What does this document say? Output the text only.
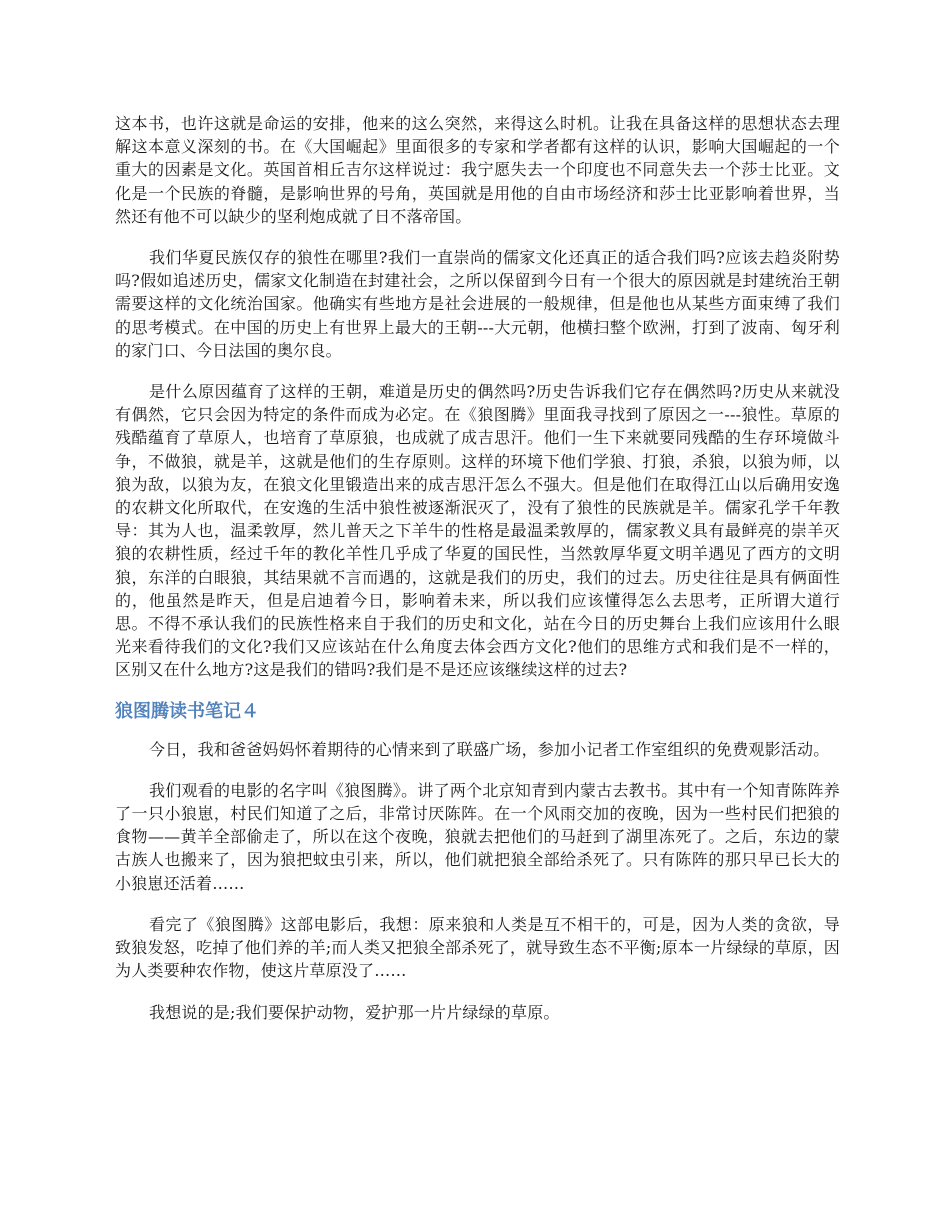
这本书，也许这就是命运的安排，他来的这么突然，来得这么时机。让我在具备这样的思想状态去理解这本意义深刻的书。在《大国崛起》里面很多的专家和学者都有这样的认识，影响大国崛起的一个重大的因素是文化。英国首相丘吉尔这样说过：我宁愿失去一个印度也不同意失去一个莎士比亚。文化是一个民族的脊髓，是影响世界的号角，英国就是用他的自由市场经济和莎士比亚影响着世界，当然还有他不可以缺少的坚利炮成就了日不落帝国。

我们华夏民族仅存的狼性在哪里?我们一直崇尚的儒家文化还真正的适合我们吗?应该去趋炎附势吗?假如追述历史，儒家文化制造在封建社会，之所以保留到今日有一个很大的原因就是封建统治王朝需要这样的文化统治国家。他确实有些地方是社会进展的一般规律，但是他也从某些方面束缚了我们的思考模式。在中国的历史上有世界上最大的王朝---大元朝，他横扫整个欧洲，打到了波南、匈牙利的家门口、今日法国的奥尔良。

是什么原因蕴育了这样的王朝，难道是历史的偶然吗?历史告诉我们它存在偶然吗?历史从来就没有偶然，它只会因为特定的条件而成为必定。在《狼图腾》里面我寻找到了原因之一---狼性。草原的残酷蕴育了草原人，也培育了草原狼，也成就了成吉思汗。他们一生下来就要同残酷的生存环境做斗争，不做狼，就是羊，这就是他们的生存原则。这样的环境下他们学狼、打狼，杀狼，以狼为师，以狼为敌，以狼为友，在狼文化里锻造出来的成吉思汗怎么不强大。但是他们在取得江山以后确用安逸的农耕文化所取代，在安逸的生活中狼性被逐渐泯灭了，没有了狼性的民族就是羊。儒家孔学千年教导：其为人也，温柔敦厚，然儿普天之下羊牛的性格是最温柔敦厚的，儒家教义具有最鲜亮的崇羊灭狼的农耕性质，经过千年的教化羊性几乎成了华夏的国民性，当然敦厚华夏文明羊遇见了西方的文明狼，东洋的白眼狼，其结果就不言而遇的，这就是我们的历史，我们的过去。历史往往是具有俩面性的，他虽然是昨天，但是启迪着今日，影响着未来，所以我们应该懂得怎么去思考，正所谓大道行思。不得不承认我们的民族性格来自于我们的历史和文化，站在今日的历史舞台上我们应该用什么眼光来看待我们的文化?我们又应该站在什么角度去体会西方文化?他们的思维方式和我们是不一样的，区别又在什么地方?这是我们的错吗?我们是不是还应该继续这样的过去?

狼图腾读书笔记４

今日，我和爸爸妈妈怀着期待的心情来到了联盛广场，参加小记者工作室组织的免费观影活动。

我们观看的电影的名字叫《狼图腾》。讲了两个北京知青到内蒙古去教书。其中有一个知青陈阵养了一只小狼崽，村民们知道了之后，非常讨厌陈阵。在一个风雨交加的夜晚，因为一些村民们把狼的食物——黄羊全部偷走了，所以在这个夜晚，狼就去把他们的马赶到了湖里冻死了。之后，东边的蒙古族人也搬来了，因为狼把蚊虫引来，所以，他们就把狼全部给杀死了。只有陈阵的那只早已长大的小狼崽还活着……

看完了《狼图腾》这部电影后，我想：原来狼和人类是互不相干的，可是，因为人类的贪欲，导致狼发怒，吃掉了他们养的羊;而人类又把狼全部杀死了，就导致生态不平衡;原本一片绿绿的草原，因为人类要种农作物，使这片草原没了……

我想说的是;我们要保护动物，爱护那一片片绿绿的草原。
